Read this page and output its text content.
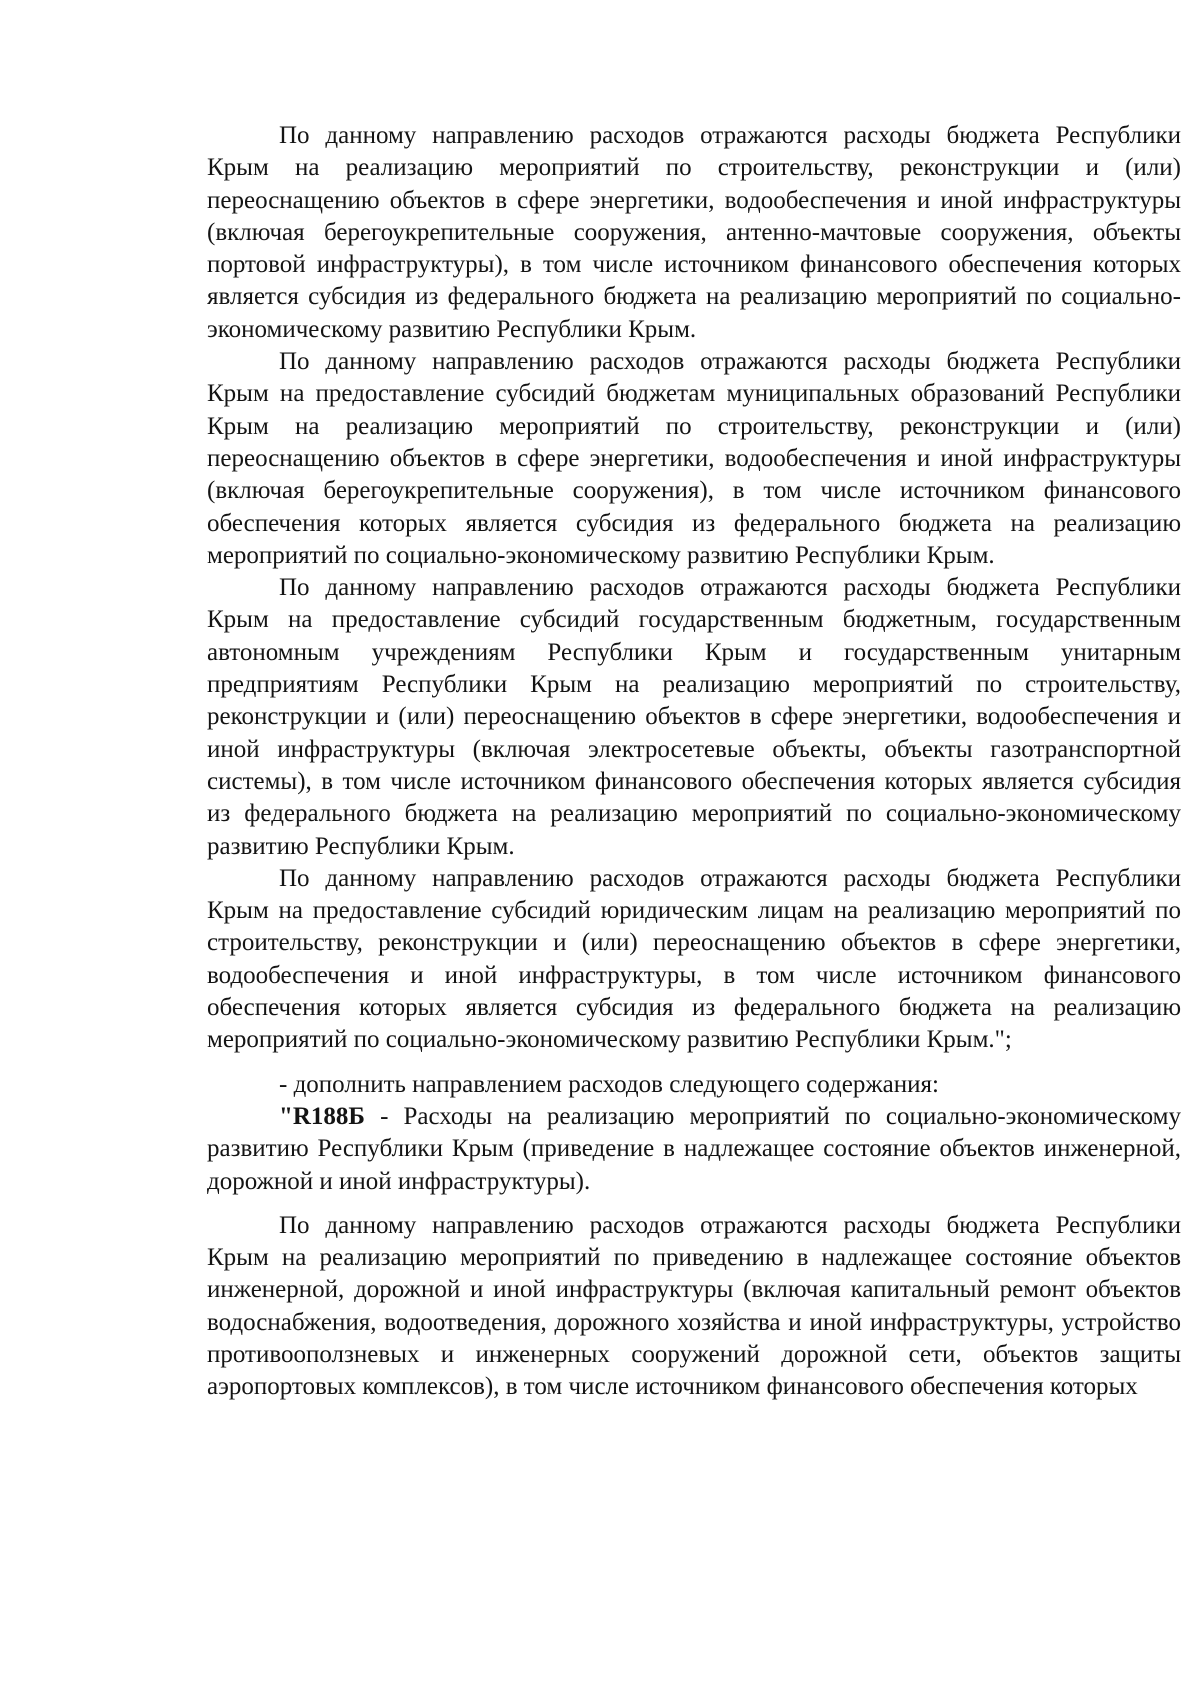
По данному направлению расходов отражаются расходы бюджета Республики Крым на реализацию мероприятий по строительству, реконструкции и (или) переоснащению объектов в сфере энергетики, водообеспечения и иной инфраструктуры (включая берегоукрепительные сооружения, антенно-мачтовые сооружения, объекты портовой инфраструктуры), в том числе источником финансового обеспечения которых является субсидия из федерального бюджета на реализацию мероприятий по социально-экономическому развитию Республики Крым.

По данному направлению расходов отражаются расходы бюджета Республики Крым на предоставление субсидий бюджетам муниципальных образований Республики Крым на реализацию мероприятий по строительству, реконструкции и (или) переоснащению объектов в сфере энергетики, водообеспечения и иной инфраструктуры (включая берегоукрепительные сооружения), в том числе источником финансового обеспечения которых является субсидия из федерального бюджета на реализацию мероприятий по социально-экономическому развитию Республики Крым.

По данному направлению расходов отражаются расходы бюджета Республики Крым на предоставление субсидий государственным бюджетным, государственным автономным учреждениям Республики Крым и государственным унитарным предприятиям Республики Крым на реализацию мероприятий по строительству, реконструкции и (или) переоснащению объектов в сфере энергетики, водообеспечения и иной инфраструктуры (включая электросетевые объекты, объекты газотранспортной системы), в том числе источником финансового обеспечения которых является субсидия из федерального бюджета на реализацию мероприятий по социально-экономическому развитию Республики Крым.

По данному направлению расходов отражаются расходы бюджета Республики Крым на предоставление субсидий юридическим лицам на реализацию мероприятий по строительству, реконструкции и (или) переоснащению объектов в сфере энергетики, водообеспечения и иной инфраструктуры, в том числе источником финансового обеспечения которых является субсидия из федерального бюджета на реализацию мероприятий по социально-экономическому развитию Республики Крым.";

- дополнить направлением расходов следующего содержания:

"R188Б - Расходы на реализацию мероприятий по социально-экономическому развитию Республики Крым (приведение в надлежащее состояние объектов инженерной, дорожной и иной инфраструктуры).

По данному направлению расходов отражаются расходы бюджета Республики Крым на реализацию мероприятий по приведению в надлежащее состояние объектов инженерной, дорожной и иной инфраструктуры (включая капитальный ремонт объектов водоснабжения, водоотведения, дорожного хозяйства и иной инфраструктуры, устройство противооползневых и инженерных сооружений дорожной сети, объектов защиты аэропортовых комплексов), в том числе источником финансового обеспечения которых
